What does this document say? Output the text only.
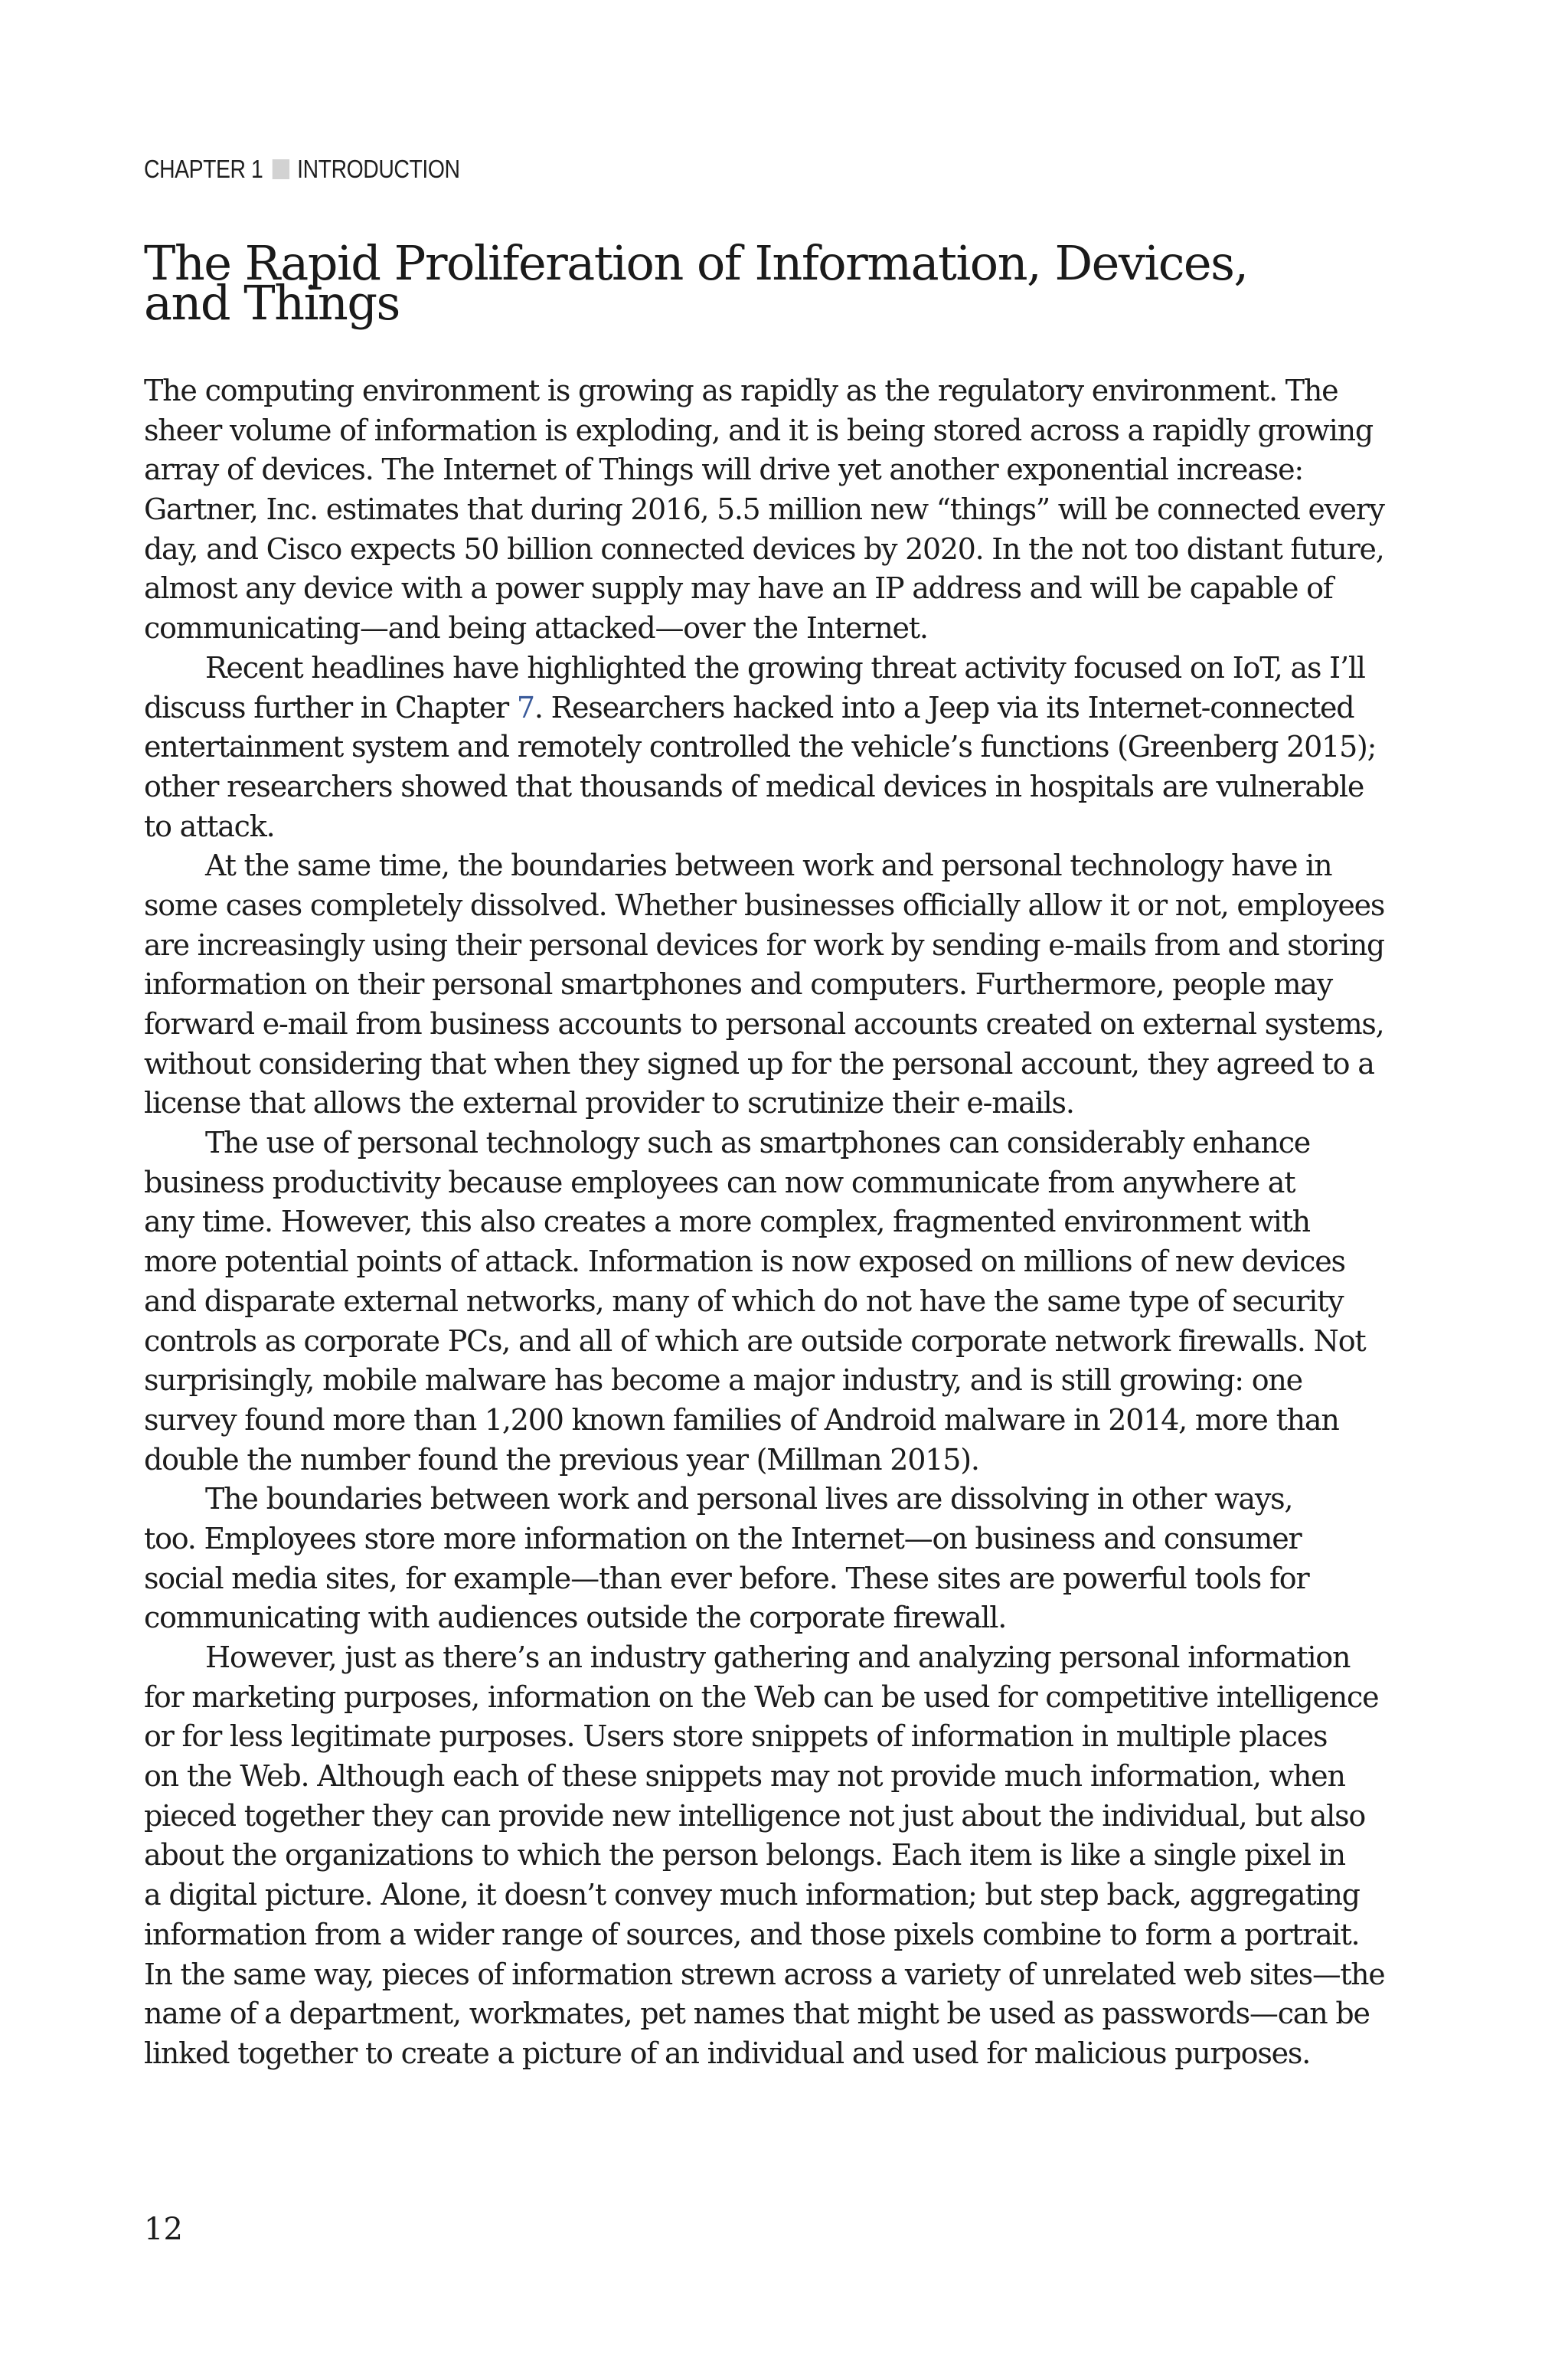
CHAPTER 1 INTRODUCTION
The Rapid Proliferation of Information, Devices,
and Things
The computing environment is growing as rapidly as the regulatory environment. The
sheer volume of information is exploding, and it is being stored across a rapidly growing
array of devices. The Internet of Things will drive yet another exponential increase:
Gartner, Inc. estimates that during 2016, 5.5 million new “things” will be connected every
day, and Cisco expects 50 billion connected devices by 2020. In the not too distant future,
almost any device with a power supply may have an IP address and will be capable of
communicating—and being attacked—over the Internet.
Recent headlines have highlighted the growing threat activity focused on IoT, as I’ll
discuss further in Chapter 7. Researchers hacked into a Jeep via its Internet-connected
entertainment system and remotely controlled the vehicle’s functions (Greenberg 2015);
other researchers showed that thousands of medical devices in hospitals are vulnerable
to attack.
At the same time, the boundaries between work and personal technology have in
some cases completely dissolved. Whether businesses officially allow it or not, employees
are increasingly using their personal devices for work by sending e-mails from and storing
information on their personal smartphones and computers. Furthermore, people may
forward e-mail from business accounts to personal accounts created on external systems,
without considering that when they signed up for the personal account, they agreed to a
license that allows the external provider to scrutinize their e-mails.
The use of personal technology such as smartphones can considerably enhance
business productivity because employees can now communicate from anywhere at
any time. However, this also creates a more complex, fragmented environment with
more potential points of attack. Information is now exposed on millions of new devices
and disparate external networks, many of which do not have the same type of security
controls as corporate PCs, and all of which are outside corporate network firewalls. Not
surprisingly, mobile malware has become a major industry, and is still growing: one
survey found more than 1,200 known families of Android malware in 2014, more than
double the number found the previous year (Millman 2015).
The boundaries between work and personal lives are dissolving in other ways,
too. Employees store more information on the Internet—on business and consumer
social media sites, for example—than ever before. These sites are powerful tools for
communicating with audiences outside the corporate firewall.
However, just as there’s an industry gathering and analyzing personal information
for marketing purposes, information on the Web can be used for competitive intelligence
or for less legitimate purposes. Users store snippets of information in multiple places
on the Web. Although each of these snippets may not provide much information, when
pieced together they can provide new intelligence not just about the individual, but also
about the organizations to which the person belongs. Each item is like a single pixel in
a digital picture. Alone, it doesn’t convey much information; but step back, aggregating
information from a wider range of sources, and those pixels combine to form a portrait.
In the same way, pieces of information strewn across a variety of unrelated web sites—the
name of a department, workmates, pet names that might be used as passwords—can be
linked together to create a picture of an individual and used for malicious purposes.
12
